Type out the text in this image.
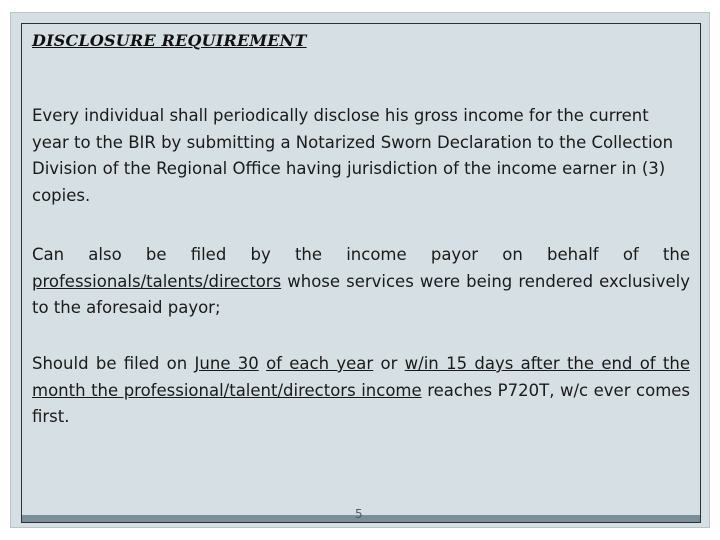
DISCLOSURE REQUIREMENT

Every individual shall periodically disclose his gross income for the current year to the BIR by submitting a Notarized Sworn Declaration to the Collection Division of the Regional Office having jurisdiction of the income earner in (3) copies.

Can also be filed by the income payor on behalf of the professionals/talents/directors whose services were being rendered exclusively to the aforesaid payor;

Should be filed on June 30 of each year or w/in 15 days after the end of the month the professional/talent/directors income reaches P720T, w/c ever comes first.

5
